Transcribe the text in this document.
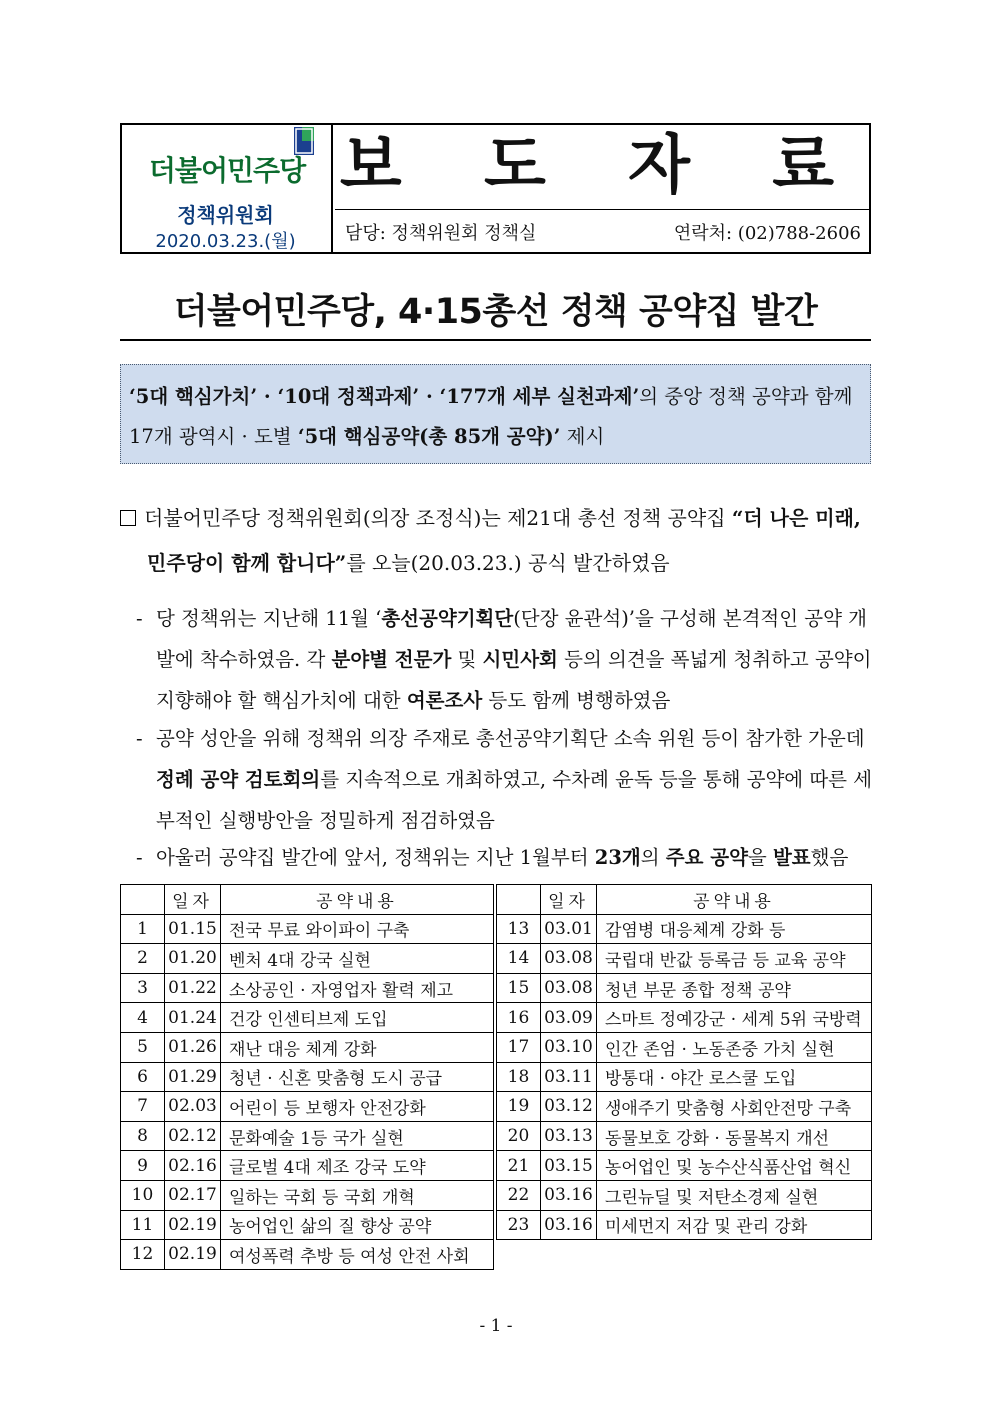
더불어민주당
정책위원회
2020.03.23.(월)
보 도 자 료
담당: 정책위원회 정책실	연락처: (02)788-2606
더불어민주당, 4·15총선 정책 공약집 발간
‘5대 핵심가치’ · ‘10대 정책과제’ · ‘177개 세부 실천과제’의 중앙 정책 공약과 함께
17개 광역시 · 도별 ‘5대 핵심공약(총 85개 공약)’ 제시
더불어민주당 정책위원회(의장 조정식)는 제21대 총선 정책 공약집 “더 나은 미래,
민주당이 함께 합니다”를 오늘(20.03.23.) 공식 발간하였음
- 당 정책위는 지난해 11월 ‘총선공약기획단(단장 윤관석)’을 구성해 본격적인 공약 개발에 착수하였음. 각 분야별 전문가 및 시민사회 등의 의견을 폭넓게 청취하고 공약이 지향해야 할 핵심가치에 대한 여론조사 등도 함께 병행하였음
- 공약 성안을 위해 정책위 의장 주재로 총선공약기획단 소속 위원 등이 참가한 가운데 정례 공약 검토회의를 지속적으로 개최하였고, 수차례 윤독 등을 통해 공약에 따른 세부적인 실행방안을 정밀하게 점검하였음
- 아울러 공약집 발간에 앞서, 정책위는 지난 1월부터 23개의 주요 공약을 발표했음
	일자	공약내용
1	01.15	전국 무료 와이파이 구축
2	01.20	벤처 4대 강국 실현
3	01.22	소상공인 · 자영업자 활력 제고
4	01.24	건강 인센티브제 도입
5	01.26	재난 대응 체계 강화
6	01.29	청년 · 신혼 맞춤형 도시 공급
7	02.03	어린이 등 보행자 안전강화
8	02.12	문화예술 1등 국가 실현
9	02.16	글로벌 4대 제조 강국 도약
10	02.17	일하는 국회 등 국회 개혁
11	02.19	농어업인 삶의 질 향상 공약
12	02.19	여성폭력 추방 등 여성 안전 사회
	일자	공약내용
13	03.01	감염병 대응체계 강화 등
14	03.08	국립대 반값 등록금 등 교육 공약
15	03.08	청년 부문 종합 정책 공약
16	03.09	스마트 정예강군 · 세계 5위 국방력
17	03.10	인간 존엄 · 노동존중 가치 실현
18	03.11	방통대 · 야간 로스쿨 도입
19	03.12	생애주기 맞춤형 사회안전망 구축
20	03.13	동물보호 강화 · 동물복지 개선
21	03.15	농어업인 및 농수산식품산업 혁신
22	03.16	그린뉴딜 및 저탄소경제 실현
23	03.16	미세먼지 저감 및 관리 강화
- 1 -
